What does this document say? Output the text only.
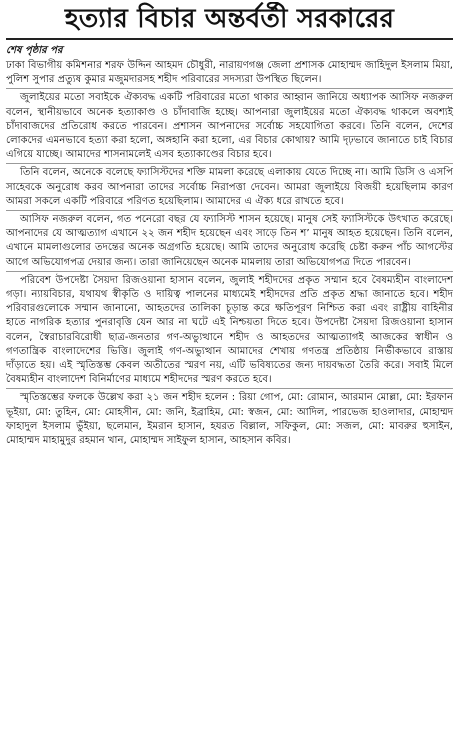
হত্যার বিচার অন্তর্বর্তী সরকারের
শেষ পৃষ্ঠার পর

ঢাকা বিভাগীয় কমিশনার শরফ উদ্দিন আহমদ চৌধুরী, নারায়ণগঞ্জ জেলা প্রশাসক মোহাম্মদ জাহিদুল ইসলাম মিয়া, পুলিশ সুপার প্রত্যুষ কুমার মজুমদারসহ শহীদ পরিবারের সদস্যরা উপস্থিত ছিলেন।

জুলাইয়ের মতো সবাইকে ঐক্যবদ্ধ একটি পরিবারের মতো থাকার আহ্বান জানিয়ে অধ্যাপক আসিফ নজরুল বলেন, স্থানীয়ভাবে অনেক হত্যাকাণ্ড ও চাঁদাবাজি হচ্ছে। আপনারা জুলাইয়ের মতো ঐক্যবদ্ধ থাকলে অবশ্যই চাঁদাবাজদের প্রতিরোধ করতে পারবেন। প্রশাসন আপনাদের সর্বোচ্চ সহযোগিতা করবে। তিনি বলেন, দেশের লোকদের এমনভাবে হত্যা করা হলো, অঙ্গহানি করা হলো, এর বিচার কোথায়? আমি দৃঢ়ভাবে জানাতে চাই বিচার এগিয়ে যাচ্ছে। আমাদের শাসনামলেই এসব হত্যাকাণ্ডের বিচার হবে।

তিনি বলেন, অনেকে বলেছে ফ্যাসিস্টদের শক্তি মামলা করেছে এলাকায় যেতে দিচ্ছে না। আমি ডিসি ও এসপি সাহেবকে অনুরোধ করব আপনারা তাদের সর্বোচ্চ নিরাপত্তা দেবেন। আমরা জুলাইয়ে বিজয়ী হয়েছিলাম কারণ আমরা সকলে একটি পরিবারে পরিণত হয়েছিলাম। আমাদের এ ঐক্য ধরে রাখতে হবে।

আসিফ নজরুল বলেন, গত পনেরো বছর যে ফ্যাসিস্ট শাসন হয়েছে। মানুষ সেই ফ্যাসিস্টকে উৎখাত করেছে। আপনাদের যে আত্মত্যাগ এখানে ২২ জন শহীদ হয়েছেন এবং সাড়ে তিন শ’ মানুষ আহত হয়েছেন। তিনি বলেন, এখানে মামলাগুলোর তদন্তের অনেক অগ্রগতি হয়েছে। আমি তাদের অনুরোধ করেছি চেষ্টা করুন পাঁচ আগস্টের আগে অভিযোগপত্র দেয়ার জন্য। তারা জানিয়েছেন অনেক মামলায় তারা অভিযোগপত্র দিতে পারবেন।

পরিবেশ উপদেষ্টা সৈয়দা রিজওয়ানা হাসান বলেন, জুলাই শহীদদের প্রকৃত সম্মান হবে বৈষম্যহীন বাংলাদেশ গড়া। ন্যায়বিচার, যথাযথ স্বীকৃতি ও দায়িত্ব পালনের মাধ্যমেই শহীদদের প্রতি প্রকৃত শ্রদ্ধা জানাতে হবে। শহীদ পরিবারগুলোকে সম্মান জানানো, আহতদের তালিকা চূড়ান্ত করে ক্ষতিপূরণ নিশ্চিত করা এবং রাষ্ট্রীয় বাহিনীর হাতে নাগরিক হত্যার পুনরাবৃত্তি যেন আর না ঘটে এই নিশ্চয়তা দিতে হবে। উপদেষ্টা সৈয়দা রিজওয়ানা হাসান বলেন, স্বৈরাচারবিরোধী ছাত্র-জনতার গণ-অভ্যুত্থানে শহীদ ও আহতদের আত্মত্যাগই আজকের স্বাধীন ও গণতান্ত্রিক বাংলাদেশের ভিত্তি। জুলাই গণ-অভ্যুত্থান আমাদের শেখায় গণতন্ত্র প্রতিষ্ঠায় নির্ভীকভাবে রাস্তায় দাঁড়াতে হয়। এই স্মৃতিস্তম্ভ কেবল অতীতের স্মরণ নয়, এটি ভবিষ্যতের জন্য দায়বদ্ধতা তৈরি করে। সবাই মিলে বৈষম্যহীন বাংলাদেশ বিনির্মাণের মাধ্যমে শহীদদের স্মরণ করতে হবে।

স্মৃতিস্তম্ভের ফলকে উল্লেখ করা ২১ জন শহীদ হলেন : রিয়া গোপ, মো: রোমান, আরমান মোল্লা, মো: ইরফান ভূইয়া, মো: তুহিন, মো: মোহসীন, মো: জনি, ইব্রাহিম, মো: স্বজন, মো: আদিল, পারভেজ হাওলাদার, মোহাম্মদ ফাহাদুল ইসলাম ভুঁইয়া, ছলেমান, ইমরান হাসান, হযরত বিল্লাল, সফিকুল, মো: সজল, মো: মাবরুর হুসাইন, মোহাম্মদ মাহামুদুর রহমান খান, মোহাম্মদ সাইফুল হাসান, আহসান কবির।
